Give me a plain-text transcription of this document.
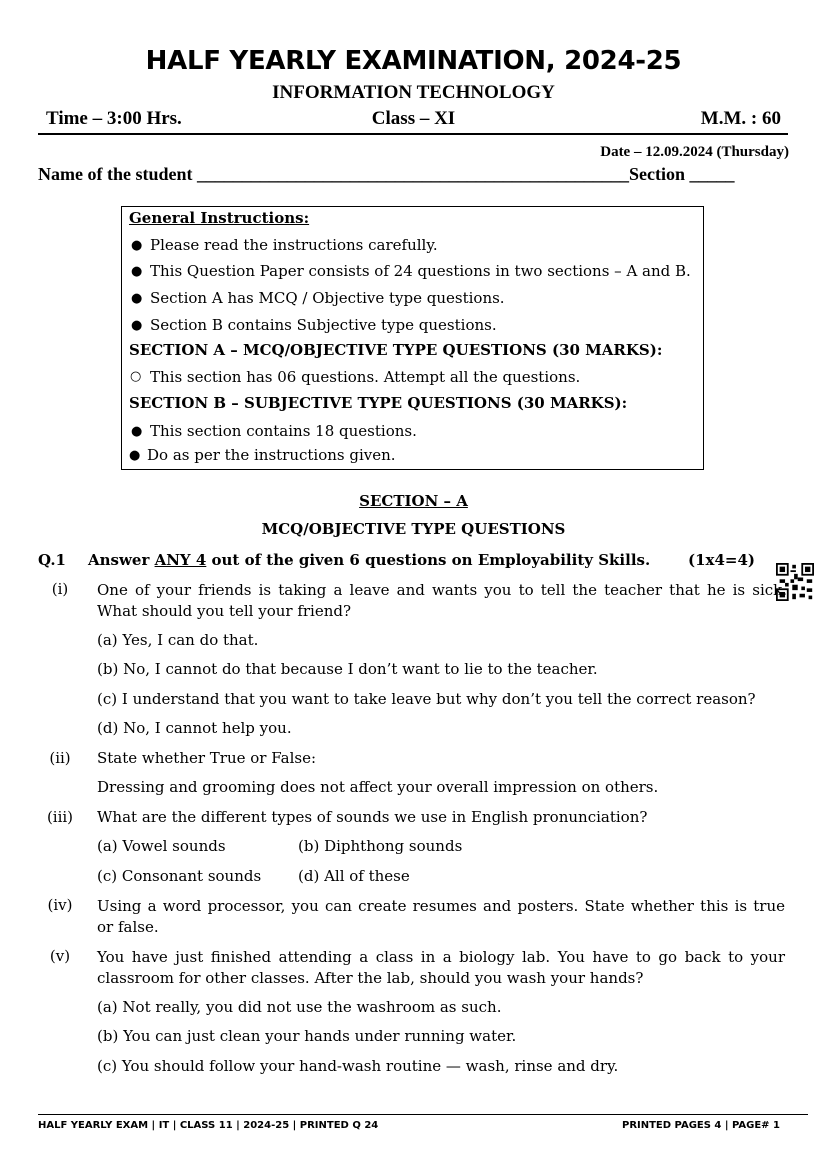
HALF YEARLY EXAMINATION, 2024-25
INFORMATION TECHNOLOGY
Time – 3:00 Hrs.	Class – XI	M.M. : 60
Date – 12.09.2024 (Thursday)
Name of the student ________________________________________________Section _____
General Instructions:
● Please read the instructions carefully.
● This Question Paper consists of 24 questions in two sections – A and B.
● Section A has MCQ / Objective type questions.
● Section B contains Subjective type questions.
SECTION A – MCQ/OBJECTIVE TYPE QUESTIONS (30 MARKS):
○ This section has 06 questions. Attempt all the questions.
SECTION B – SUBJECTIVE TYPE QUESTIONS (30 MARKS):
● This section contains 18 questions.
● Do as per the instructions given.
SECTION – A
MCQ/OBJECTIVE TYPE QUESTIONS
Q.1 Answer ANY 4 out of the given 6 questions on Employability Skills.	(1x4=4)
(i)	One of your friends is taking a leave and wants you to tell the teacher that he is sick. What should you tell your friend?
(a) Yes, I can do that.
(b) No, I cannot do that because I don’t want to lie to the teacher.
(c) I understand that you want to take leave but why don’t you tell the correct reason?
(d) No, I cannot help you.
(ii)	State whether True or False:
Dressing and grooming does not affect your overall impression on others.
(iii)	What are the different types of sounds we use in English pronunciation?
(a) Vowel sounds	(b) Diphthong sounds
(c) Consonant sounds (d) All of these
(iv)	Using a word processor, you can create resumes and posters. State whether this is true or false.
(v)	You have just finished attending a class in a biology lab. You have to go back to your classroom for other classes. After the lab, should you wash your hands?
(a) Not really, you did not use the washroom as such.
(b) You can just clean your hands under running water.
(c) You should follow your hand-wash routine — wash, rinse and dry.
HALF YEARLY EXAM | IT | CLASS 11 | 2024-25 | PRINTED Q 24	PRINTED PAGES 4 | PAGE# 1
